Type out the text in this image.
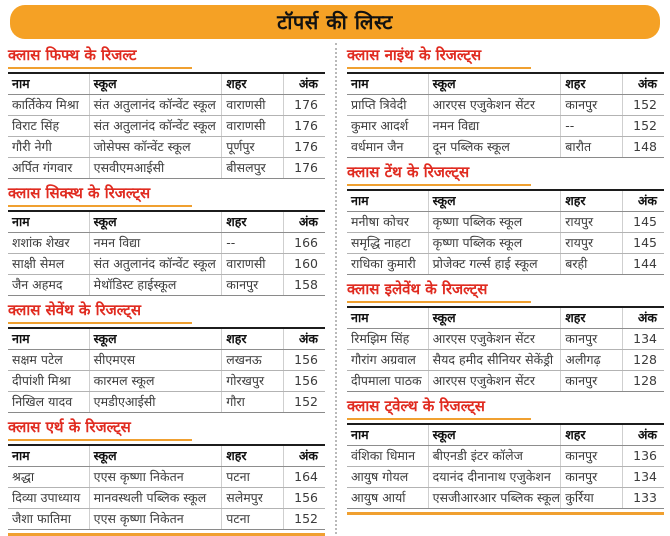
टॉपर्स की लिस्ट
क्लास फिफ्थ के रिजल्ट
नाम	स्कूल	शहर	अंक
कार्तिकेय मिश्रा	संत अतुलानंद कॉन्वेंट स्कूल	वाराणसी	176
विराट सिंह	संत अतुलानंद कॉन्वेंट स्कूल	वाराणसी	176
गौरी नेगी	जोसेफ्स कॉन्वेंट स्कूल	पूर्णपुर	176
अर्पित गंगवार	एसवीएमआईसी	बीसलपुर	176
क्लास सिक्स्थ के रिजल्ट्स
नाम	स्कूल	शहर	अंक
शशांक शेखर	नमन विद्या	--	166
साक्षी सेमल	संत अतुलानंद कॉन्वेंट स्कूल	वाराणसी	160
जैन अहमद	मेथॉडिस्ट हाईस्कूल	कानपुर	158
क्लास सेवेंथ के रिजल्ट्स
नाम	स्कूल	शहर	अंक
सक्षम पटेल	सीएमएस	लखनऊ	156
दीपांशी मिश्रा	कारमल स्कूल	गोरखपुर	156
निखिल यादव	एमडीएआईसी	गौरा	152
क्लास एर्थ के रिजल्ट्स
नाम	स्कूल	शहर	अंक
श्रद्धा	एएस कृष्णा निकेतन	पटना	164
दिव्या उपाध्याय	मानवस्थली पब्लिक स्कूल	सलेमपुर	156
जैशा फातिमा	एएस कृष्णा निकेतन	पटना	152
क्लास नाइंथ के रिजल्ट्स
नाम	स्कूल	शहर	अंक
प्राप्ति त्रिवेदी	आरएस एजुकेशन सेंटर	कानपुर	152
कुमार आदर्श	नमन विद्या	--	152
वर्धमान जैन	दून पब्लिक स्कूल	बारौत	148
क्लास टेंथ के रिजल्ट्स
नाम	स्कूल	शहर	अंक
मनीषा कोचर	कृष्णा पब्लिक स्कूल	रायपुर	145
समृद्धि नाहटा	कृष्णा पब्लिक स्कूल	रायपुर	145
राधिका कुमारी	प्रोजेक्ट गर्ल्स हाई स्कूल	बरही	144
क्लास इलेवेंथ के रिजल्ट्स
नाम	स्कूल	शहर	अंक
रिमझिम सिंह	आरएस एजुकेशन सेंटर	कानपुर	134
गौरांग अग्रवाल	सैयद हमीद सीनियर सेकेंड्री	अलीगढ़	128
दीपमाला पाठक	आरएस एजुकेशन सेंटर	कानपुर	128
क्लास ट्वेल्थ के रिजल्ट्स
नाम	स्कूल	शहर	अंक
वंशिका धिमान	बीएनडी इंटर कॉलेज	कानपुर	136
आयुष गोयल	दयानंद दीनानाथ एजुकेशन	कानपुर	134
आयुष आर्या	एसजीआरआर पब्लिक स्कूल	कुर्रिया	133
